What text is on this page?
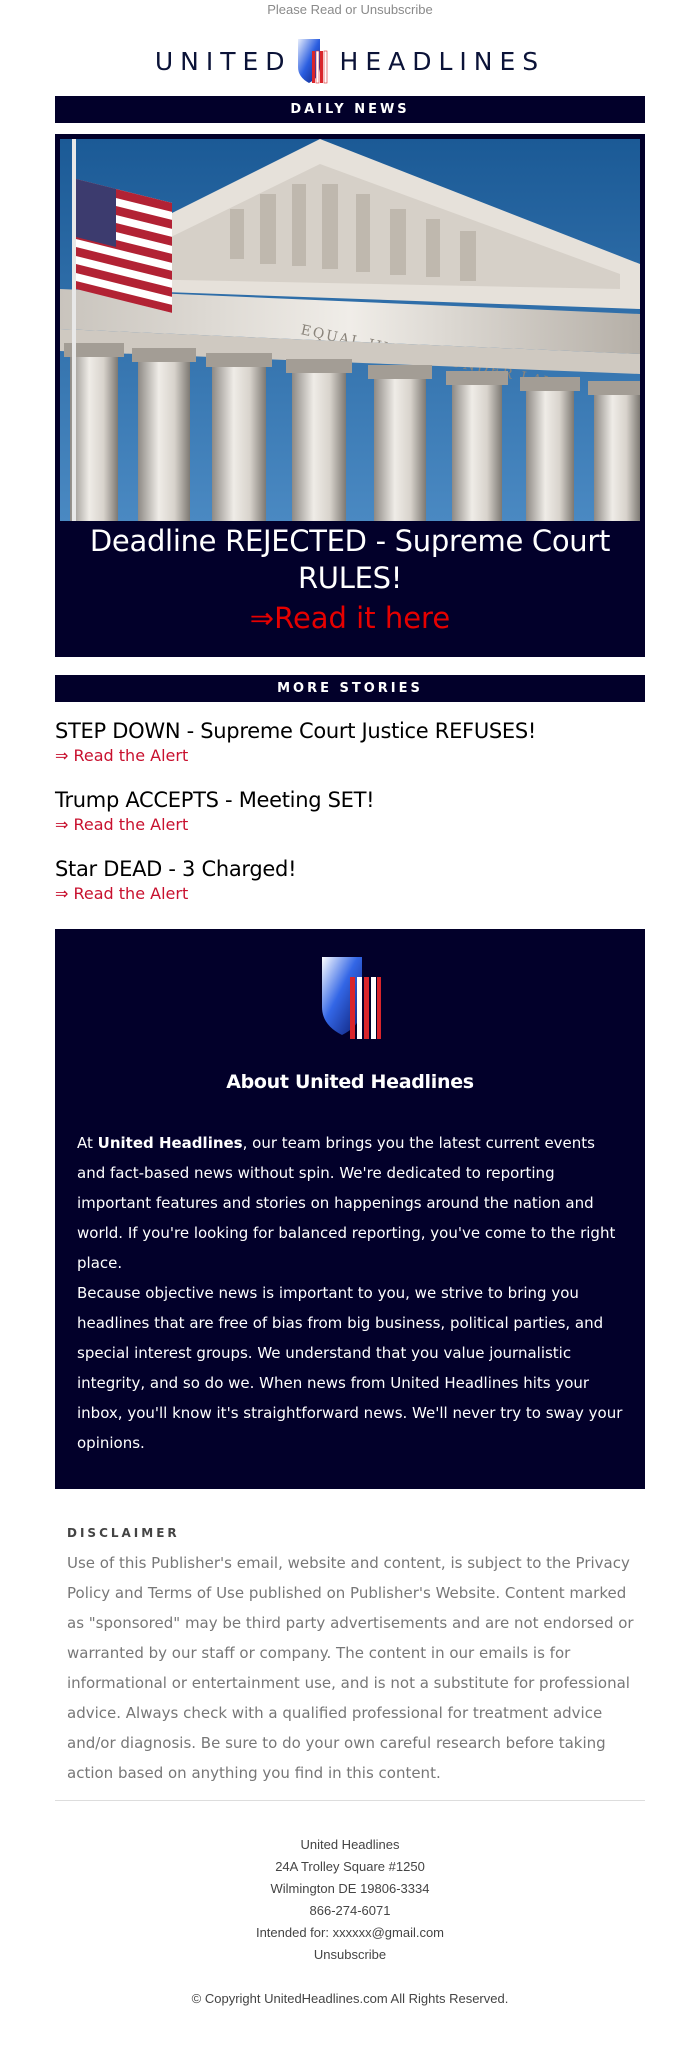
Please Read or Unsubscribe
UNITED HEADLINES
DAILY NEWS
Deadline REJECTED - Supreme Court RULES!
⇒Read it here
MORE STORIES
STEP DOWN - Supreme Court Justice REFUSES!
⇒ Read the Alert
Trump ACCEPTS - Meeting SET!
⇒ Read the Alert
Star DEAD - 3 Charged!
⇒ Read the Alert
About United Headlines

At United Headlines, our team brings you the latest current events and fact-based news without spin. We're dedicated to reporting important features and stories on happenings around the nation and world. If you're looking for balanced reporting, you've come to the right place.

Because objective news is important to you, we strive to bring you headlines that are free of bias from big business, political parties, and special interest groups. We understand that you value journalistic integrity, and so do we. When news from United Headlines hits your inbox, you'll know it's straightforward news. We'll never try to sway your opinions.

DISCLAIMER

Use of this Publisher's email, website and content, is subject to the Privacy Policy and Terms of Use published on Publisher's Website. Content marked as "sponsored" may be third party advertisements and are not endorsed or warranted by our staff or company. The content in our emails is for informational or entertainment use, and is not a substitute for professional advice. Always check with a qualified professional for treatment advice and/or diagnosis. Be sure to do your own careful research before taking action based on anything you find in this content.

United Headlines
24A Trolley Square #1250
Wilmington DE 19806-3334
866-274-6071
Intended for: xxxxxx@gmail.com
Unsubscribe
© Copyright UnitedHeadlines.com All Rights Reserved.
